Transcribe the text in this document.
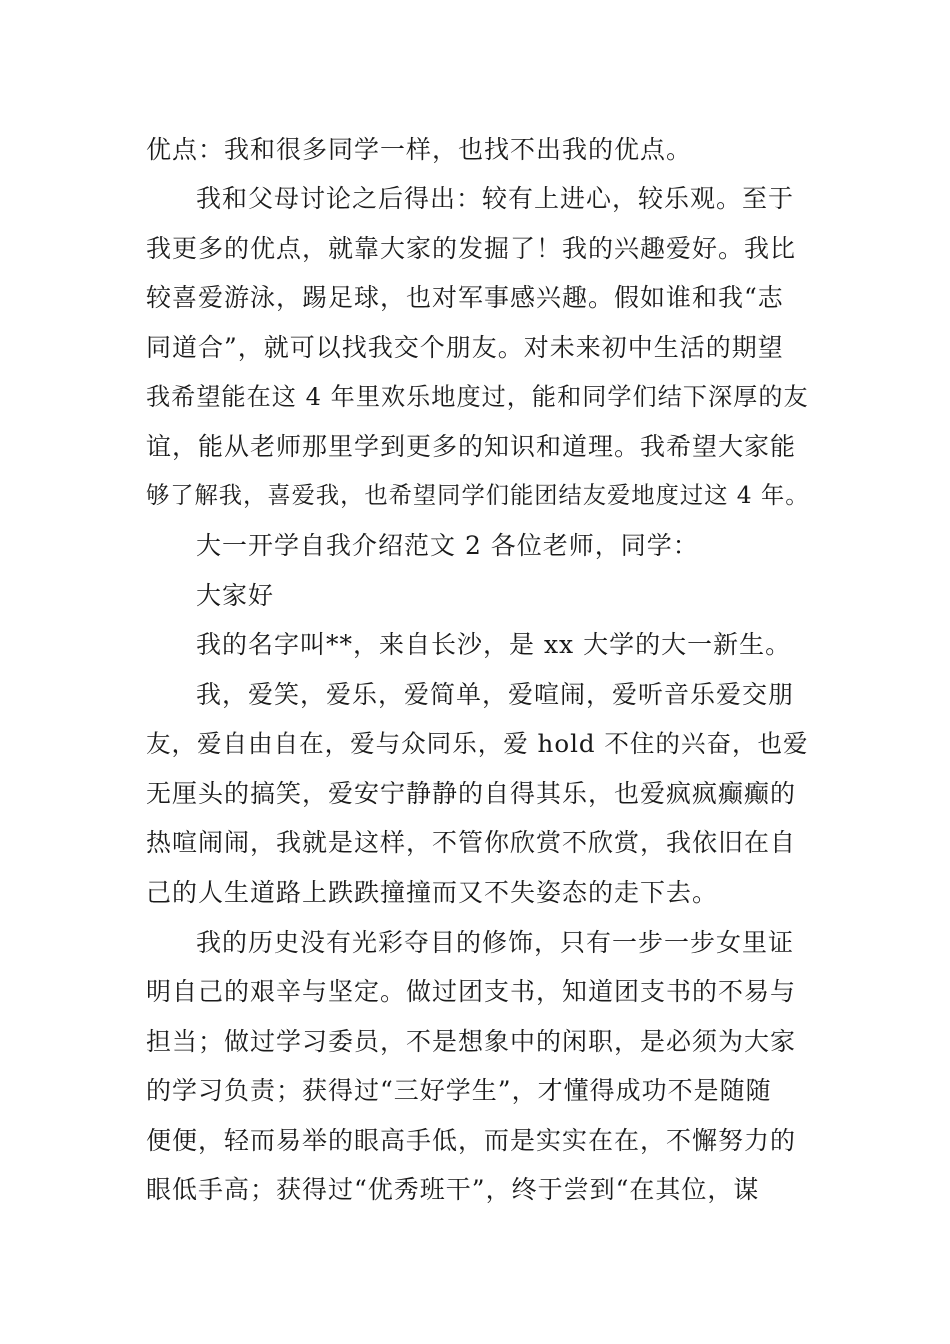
优点：我和很多同学一样，也找不出我的优点。

我和父母讨论之后得出：较有上进心，较乐观。至于

我更多的优点，就靠大家的发掘了！我的兴趣爱好。我比

较喜爱游泳，踢足球，也对军事感兴趣。假如谁和我“志

同道合”，就可以找我交个朋友。对未来初中生活的期望

我希望能在这 4 年里欢乐地度过，能和同学们结下深厚的友

谊，能从老师那里学到更多的知识和道理。我希望大家能

够了解我，喜爱我，也希望同学们能团结友爱地度过这 4 年。

大一开学自我介绍范文 2 各位老师，同学：

大家好

我的名字叫**，来自长沙，是 xx 大学的大一新生。

我，爱笑，爱乐，爱简单，爱喧闹，爱听音乐爱交朋

友，爱自由自在，爱与众同乐，爱 hold 不住的兴奋，也爱

无厘头的搞笑，爱安宁静静的自得其乐，也爱疯疯癫癫的

热喧闹闹，我就是这样，不管你欣赏不欣赏，我依旧在自

己的人生道路上跌跌撞撞而又不失姿态的走下去。

我的历史没有光彩夺目的修饰，只有一步一步女里证

明自己的艰辛与坚定。做过团支书，知道团支书的不易与

担当；做过学习委员，不是想象中的闲职，是必须为大家

的学习负责；获得过“三好学生”，才懂得成功不是随随

便便，轻而易举的眼高手低，而是实实在在，不懈努力的

眼低手高；获得过“优秀班干”，终于尝到“在其位，谋
